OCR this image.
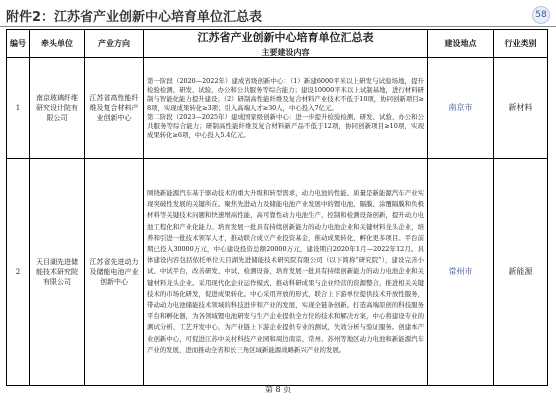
附件2：江苏省产业创新中心培育单位汇总表	58
编号	牵头单位	产业方向	江苏省产业创新中心培育单位汇总表
主要建设内容	建设地点	行业类别
1	南京玻璃纤维研究设计院有限公司	江苏省高性能纤维及复合材料产业创新中心	第一阶段（2020—2022年）建成省级创新中心：（1）新建6000平米以上研发与试验场地，提升检验检测、研发、试验、办公和公共服务等综合能力；建设10000平米以上试制基地，进行材料研制与智能化能力提升建设；（2）研制高性能纤维及复合材料产业技术不低于10项，协同创新项目≥8项，实现成果转化≥3项；引入高端人才≥30人，中心投入7亿元。

第二阶段（2023—2025年）建成国家级创新中心：进一步提升检验检测、研发、试验、办公和公共服务等综合能力；研制高性能纤维及复合材料新产品不低于12项，协同创新项目≥10项，实现成果转化≥6项，中心投入5.4亿元。	南京市	新材料
2	天目湖先进储能技术研究院有限公司	江苏省先进动力及储能电池产业创新中心	围绕新能源汽车基于驱动技术的重大升级和转型需求，动力电池的性能、质量是新能源汽车产业实现突破性发展的关键所在。聚焦先进动力及储能电池产业发展中的锂电池、隔膜、涂覆隔膜和负极材料等关键技术问题和快速增高性能、高可靠性动力电池生产、控制和检测设备创新，提升动力电池工程化和产业化能力。培育发展一批具有持续创新能力的动力电池企业和关键材料龙头企业，培养和引进一批技术领军人才，推动联合成立产业投资基金，推动成果转化，孵化更多项目。平台前期已投入30000万元，中心建设投资总额20000万元，建设期自2020年1月—2022年12月。具体建设内容包括依托单位天目湖先进储能技术研究院有限公司（以下简称“研究院”），建设完善小试、中试平台，改善研发、中试、检测设备，培育发展一批具有持续创新能力的动力电池企业和关键材料龙头企业。采用现代化企业运作模式，推动科研成果与企业经营的资源整合，推进相关关键技术的市场化研发，促进成果转化。中心采用开放的形式，联合上下游单位提供技术开放性服务，带动动力电池储能技术领域的科技进步和产业的发展，实现全链条创新。打造高端原创的科技服务平台和孵化器，为各领域锂电池研发与生产企业提供全方位的技术和解决方案，中心将建设专业的测试分析、工艺开发中心，为产业链上下游企业提供专业的测试、失效分析与验证服务。创建本产业创新中心，可促进江苏中关村科技产业园和周边南京、常州、苏州等地区动力电池和新能源汽车产业的发展，进而推动全省和长三角区域新能源战略新兴产业的发展。	常州市	新能源
第 8 页
